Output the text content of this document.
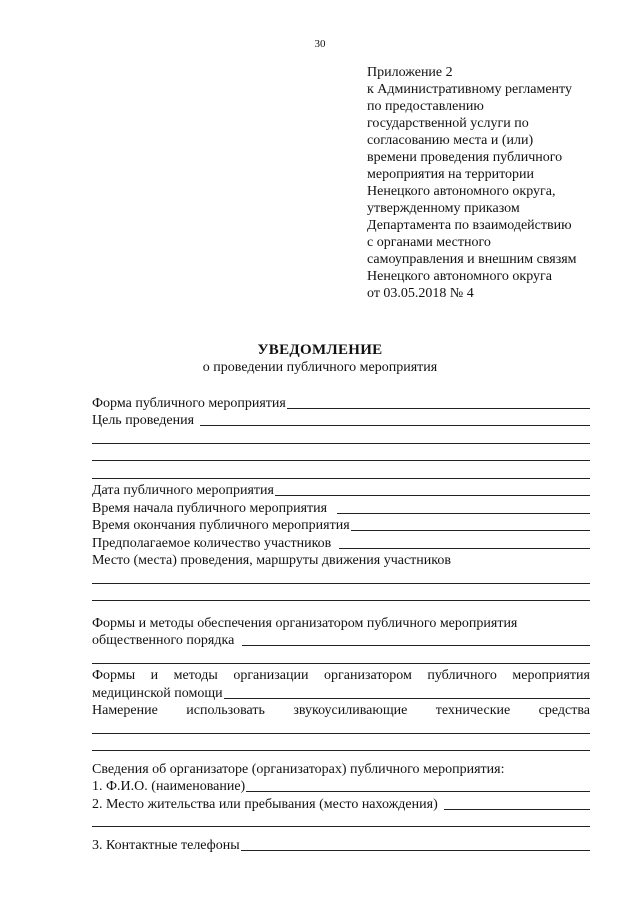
30
Приложение 2
к Административному регламенту
по предоставлению
государственной услуги по
согласованию места и (или)
времени проведения публичного
мероприятия на территории
Ненецкого автономного округа,
утвержденному приказом
Департамента по взаимодействию
с органами местного
самоуправления и внешним связям
Ненецкого автономного округа
от 03.05.2018 № 4
УВЕДОМЛЕНИЕ
о проведении публичного мероприятия
Форма публичного мероприятия
Цель проведения
Дата публичного мероприятия
Время начала публичного мероприятия
Время окончания публичного мероприятия
Предполагаемое количество участников
Место (места) проведения, маршруты движения участников
Формы и методы обеспечения организатором публичного мероприятия
общественного порядка
Формы и методы организации организатором публичного мероприятия
медицинской помощи
Намерение использовать звукоусиливающие технические средства
Сведения об организаторе (организаторах) публичного мероприятия:
1. Ф.И.О. (наименование)
2. Место жительства или пребывания (место нахождения)
3. Контактные телефоны
